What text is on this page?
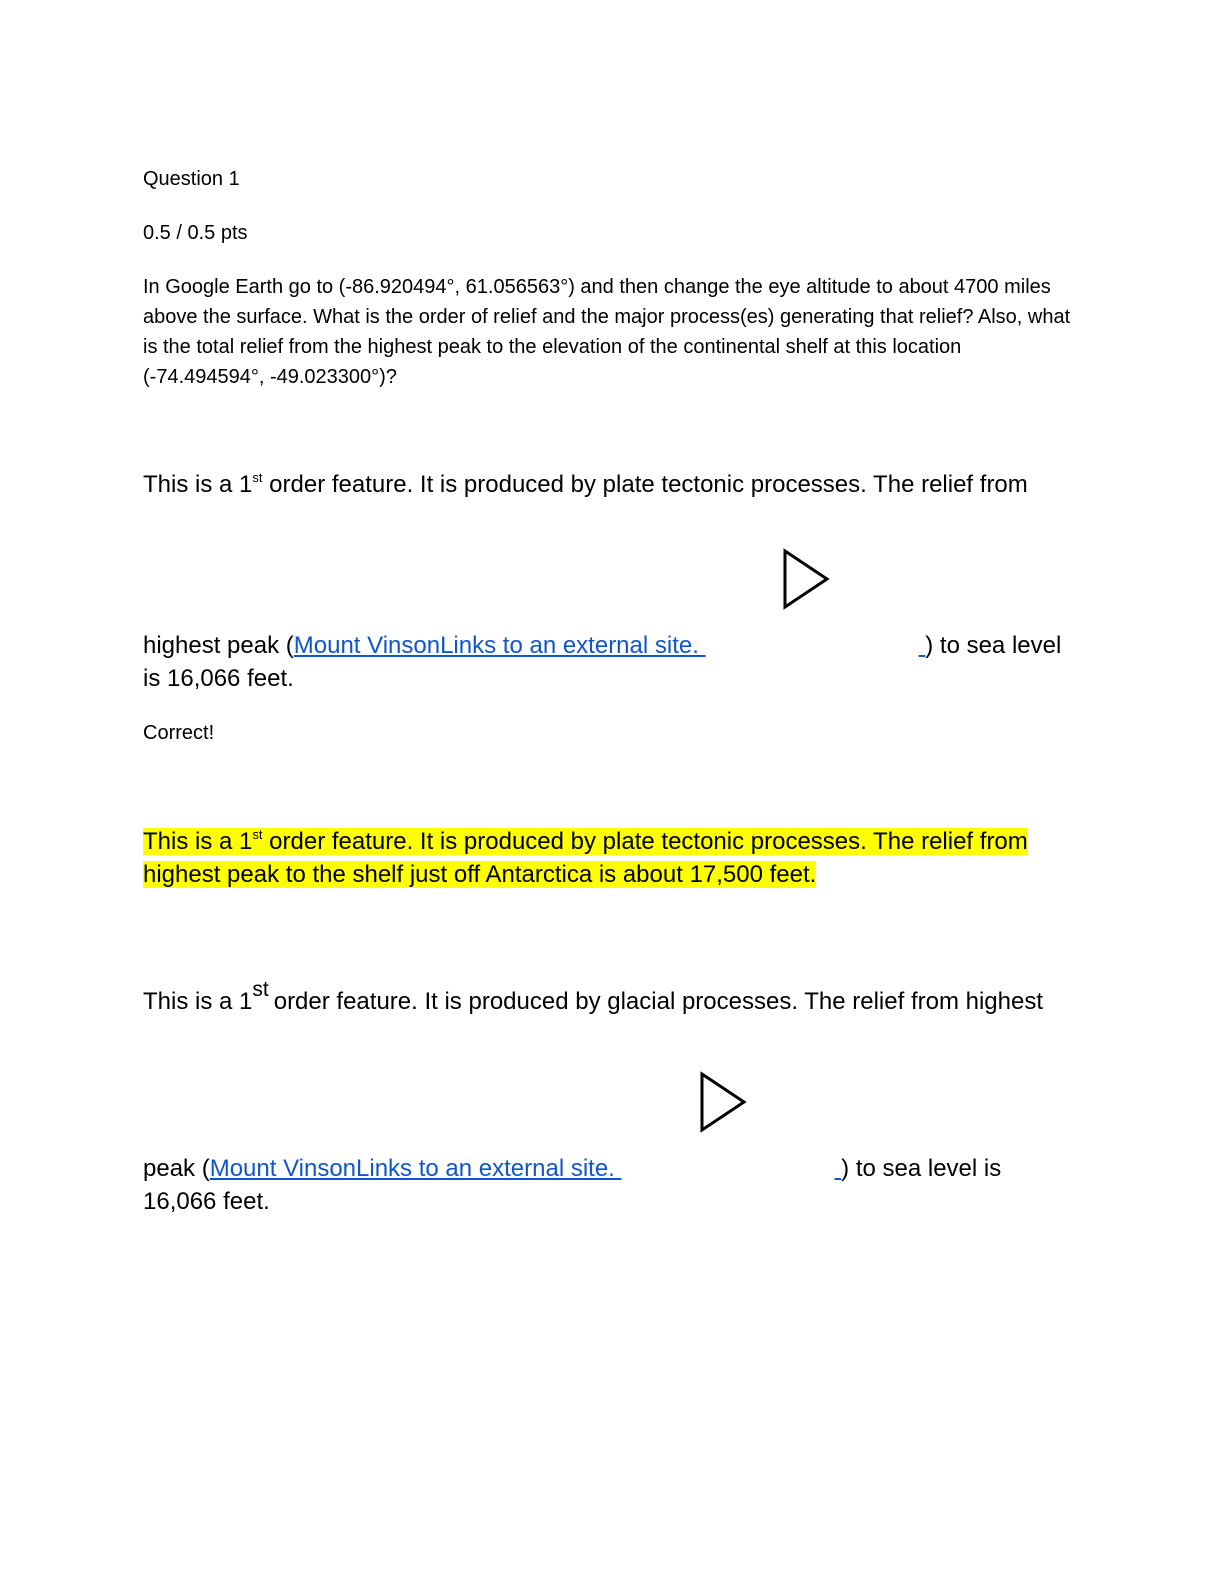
Question 1
0.5 / 0.5 pts
In Google Earth go to (-86.920494°, 61.056563°) and then change the eye altitude to about 4700 miles above the surface. What is the order of relief and the major process(es) generating that relief? Also, what is the total relief from the highest peak to the elevation of the continental shelf at this location (-74.494594°, -49.023300°)?
This is a 1st order feature. It is produced by plate tectonic processes. The relief from
highest peak (Mount VinsonLinks to an external site.	) to sea level
is 16,066 feet.
Correct!
This is a 1st order feature. It is produced by plate tectonic processes. The relief from
highest peak to the shelf just off Antarctica is about 17,500 feet.
This is a 1st order feature. It is produced by glacial processes. The relief from highest
peak (Mount VinsonLinks to an external site.	) to sea level is
16,066 feet.
